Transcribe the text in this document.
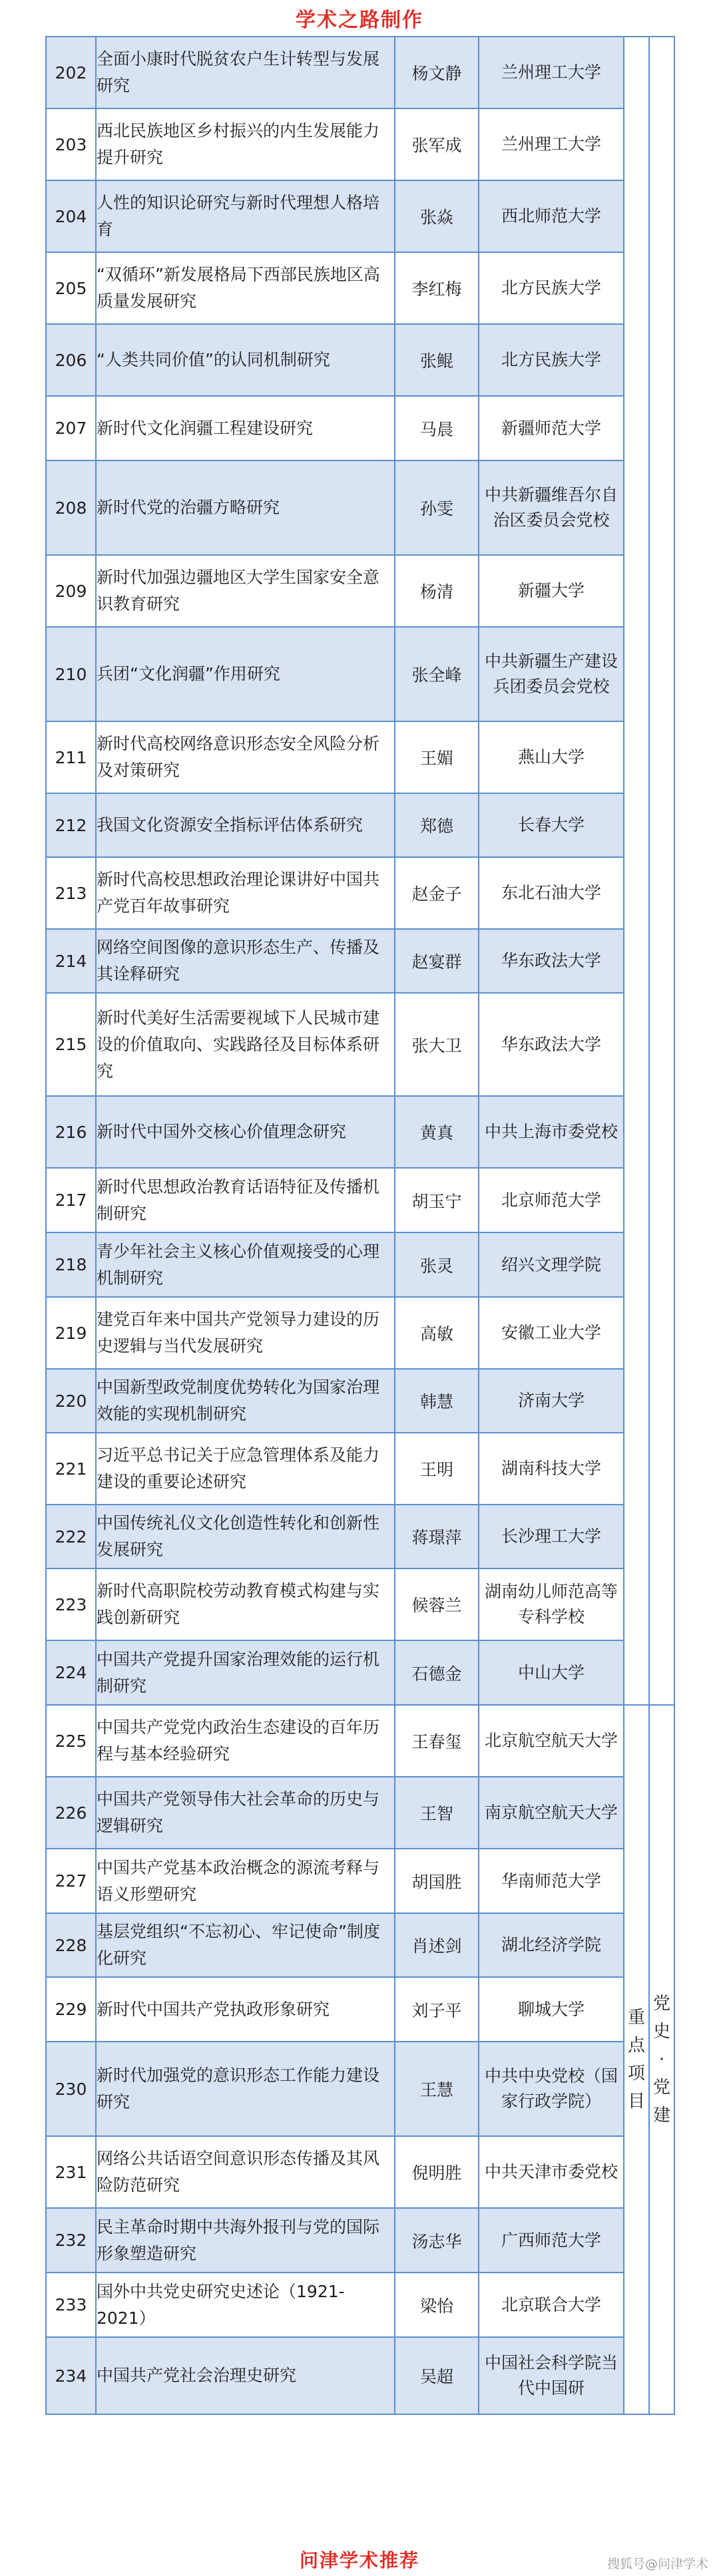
学术之路制作
202	全面小康时代脱贫农户生计转型与发展研究	杨文静	兰州理工大学		
203	西北民族地区乡村振兴的内生发展能力提升研究	张军成	兰州理工大学		
204	人性的知识论研究与新时代理想人格培育	张焱	西北师范大学		
205	“双循环”新发展格局下西部民族地区高质量发展研究	李红梅	北方民族大学		
206	“人类共同价值”的认同机制研究	张鲲	北方民族大学		
207	新时代文化润疆工程建设研究	马晨	新疆师范大学		
208	新时代党的治疆方略研究	孙雯	中共新疆维吾尔自治区委员会党校		
209	新时代加强边疆地区大学生国家安全意识教育研究	杨清	新疆大学		
210	兵团“文化润疆”作用研究	张全峰	中共新疆生产建设兵团委员会党校		
211	新时代高校网络意识形态安全风险分析及对策研究	王媚	燕山大学		
212	我国文化资源安全指标评估体系研究	郑德	长春大学		
213	新时代高校思想政治理论课讲好中国共产党百年故事研究	赵金子	东北石油大学		
214	网络空间图像的意识形态生产、传播及其诠释研究	赵宴群	华东政法大学		
215	新时代美好生活需要视域下人民城市建设的价值取向、实践路径及目标体系研究	张大卫	华东政法大学		
216	新时代中国外交核心价值理念研究	黄真	中共上海市委党校		
217	新时代思想政治教育话语特征及传播机制研究	胡玉宁	北京师范大学		
218	青少年社会主义核心价值观接受的心理机制研究	张灵	绍兴文理学院		
219	建党百年来中国共产党领导力建设的历史逻辑与当代发展研究	高敏	安徽工业大学		
220	中国新型政党制度优势转化为国家治理效能的实现机制研究	韩慧	济南大学		
221	习近平总书记关于应急管理体系及能力建设的重要论述研究	王明	湖南科技大学		
222	中国传统礼仪文化创造性转化和创新性发展研究	蒋璟萍	长沙理工大学		
223	新时代高职院校劳动教育模式构建与实践创新研究	候蓉兰	湖南幼儿师范高等专科学校		
224	中国共产党提升国家治理效能的运行机制研究	石德金	中山大学		
225	中国共产党党内政治生态建设的百年历程与基本经验研究	王春玺	北京航空航天大学	重点项目	党史·党建
226	中国共产党领导伟大社会革命的历史与逻辑研究	王智	南京航空航天大学		
227	中国共产党基本政治概念的源流考释与语义形塑研究	胡国胜	华南师范大学		
228	基层党组织“不忘初心、牢记使命”制度化研究	肖述剑	湖北经济学院		
229	新时代中国共产党执政形象研究	刘子平	聊城大学		
230	新时代加强党的意识形态工作能力建设研究	王慧	中共中央党校（国家行政学院）		
231	网络公共话语空间意识形态传播及其风险防范研究	倪明胜	中共天津市委党校		
232	民主革命时期中共海外报刊与党的国际形象塑造研究	汤志华	广西师范大学		
233	国外中共党史研究史述论（1921-2021）	梁怡	北京联合大学		
234	中国共产党社会治理史研究	吴超	中国社会科学院当代中国研		
问津学术推荐	搜狐号@问津学术
